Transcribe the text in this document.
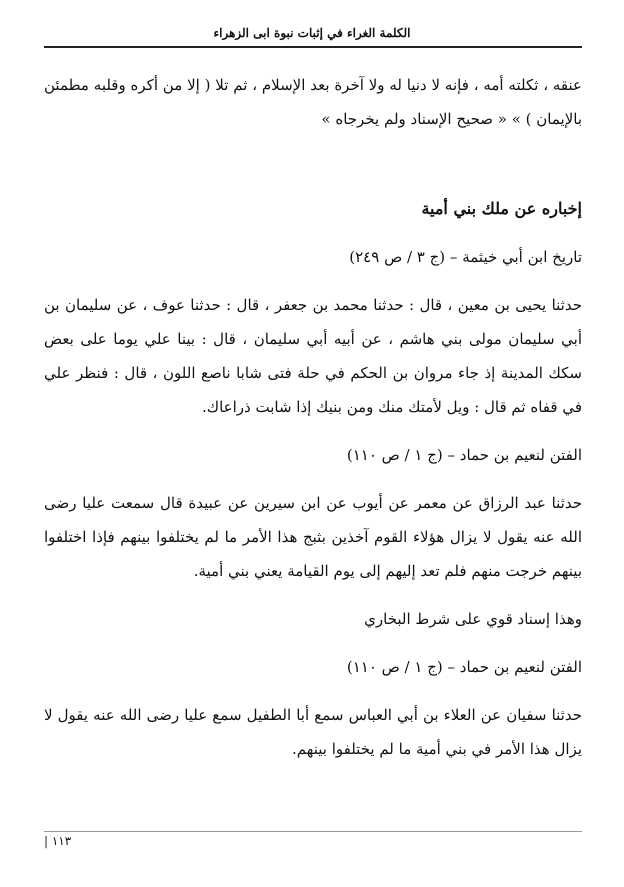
الكلمة الغراء في إثبات نبوة ابى الزهراء

عنقه ، ثكلته أمه ، فإنه لا دنيا له ولا آخرة بعد الإسلام ، ثم تلا ( إلا من أكره وقلبه مطمئن بالإيمان ) » « صحيح الإسناد ولم يخرجاه »

إخباره عن ملك بني أمية

تاريخ ابن أبي خيثمة – (ج ٣ / ص ٢٤٩)

حدثنا يحيى بن معين ، قال : حدثنا محمد بن جعفر ، قال : حدثنا عوف ، عن سليمان بن أبي سليمان مولى بني هاشم ، عن أبيه أبي سليمان ، قال : بينا علي يوما على بعض سكك المدينة إذ جاء مروان بن الحكم في حلة فتى شابا ناصع اللون ، قال : فنظر علي في قفاه ثم قال : ويل لأمتك منك ومن بنيك إذا شابت ذراعاك.

الفتن لنعيم بن حماد – (ج ١ / ص ١١٠)

حدثنا عبد الرزاق عن معمر عن أيوب عن ابن سيرين عن عبيدة قال سمعت عليا رضى الله عنه يقول لا يزال هؤلاء القوم آخذين بثبج هذا الأمر ما لم يختلفوا بينهم فإذا اختلفوا بينهم خرجت منهم فلم تعد إليهم إلى يوم القيامة يعني بني أمية.

وهذا إسناد قوي على شرط البخاري

الفتن لنعيم بن حماد – (ج ١ / ص ١١٠)

حدثنا سفيان عن العلاء بن أبي العباس سمع أبا الطفيل سمع عليا رضى الله عنه يقول لا يزال هذا الأمر في بني أمية ما لم يختلفوا بينهم.

١١٣ |
